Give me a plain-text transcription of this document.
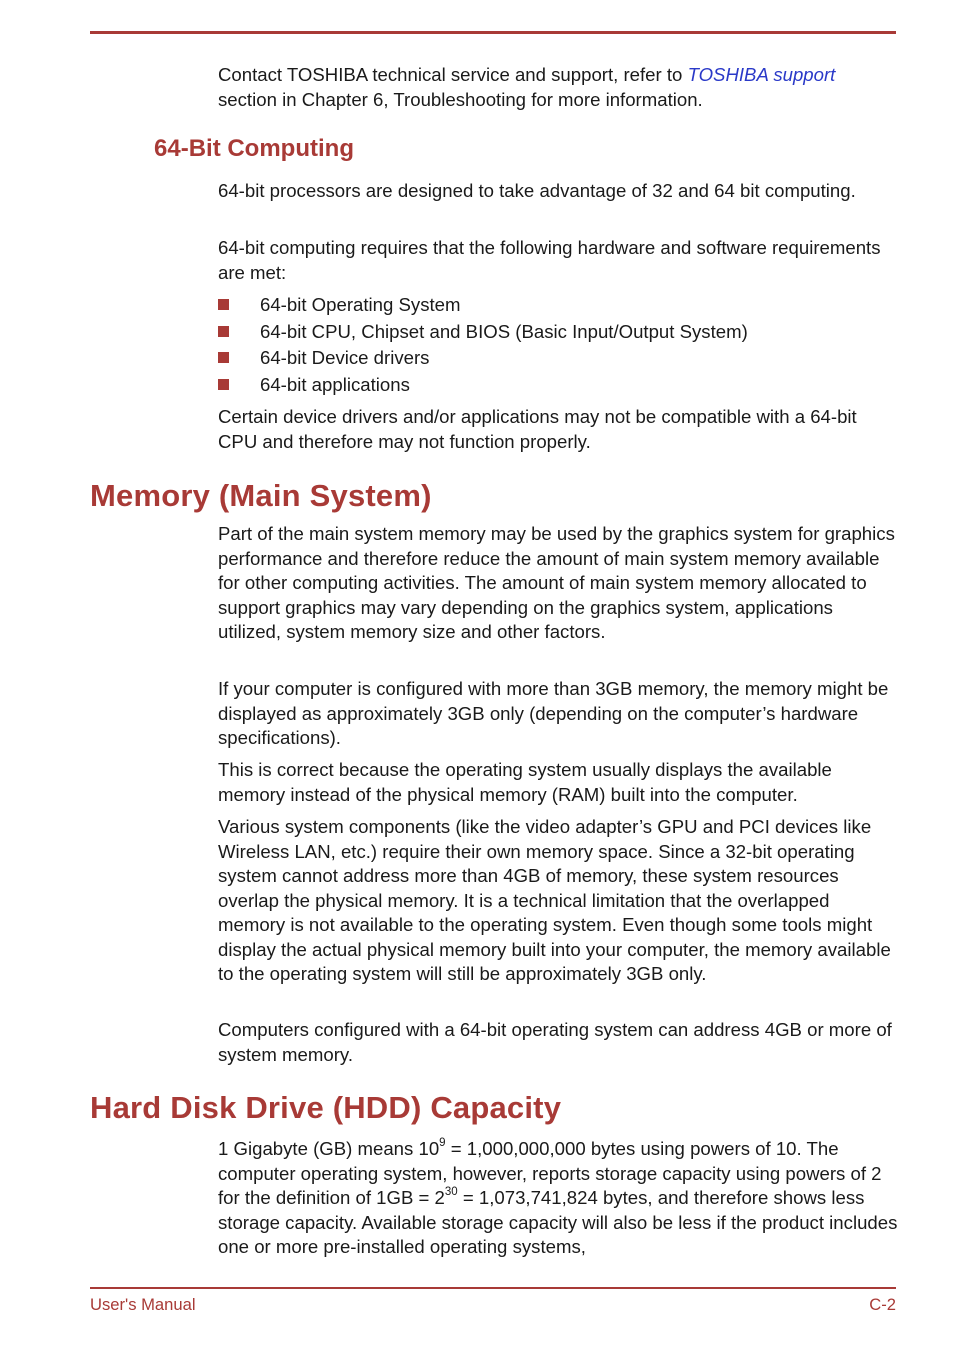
Contact TOSHIBA technical service and support, refer to TOSHIBA support section in Chapter 6, Troubleshooting for more information.

64-Bit Computing

64-bit processors are designed to take advantage of 32 and 64 bit computing.

64-bit computing requires that the following hardware and software requirements are met:

64-bit Operating System
64-bit CPU, Chipset and BIOS (Basic Input/Output System)
64-bit Device drivers
64-bit applications

Certain device drivers and/or applications may not be compatible with a 64-bit CPU and therefore may not function properly.

Memory (Main System)

Part of the main system memory may be used by the graphics system for graphics performance and therefore reduce the amount of main system memory available for other computing activities. The amount of main system memory allocated to support graphics may vary depending on the graphics system, applications utilized, system memory size and other factors.

If your computer is configured with more than 3GB memory, the memory might be displayed as approximately 3GB only (depending on the computer’s hardware specifications).

This is correct because the operating system usually displays the available memory instead of the physical memory (RAM) built into the computer.

Various system components (like the video adapter’s GPU and PCI devices like Wireless LAN, etc.) require their own memory space. Since a 32-bit operating system cannot address more than 4GB of memory, these system resources overlap the physical memory. It is a technical limitation that the overlapped memory is not available to the operating system. Even though some tools might display the actual physical memory built into your computer, the memory available to the operating system will still be approximately 3GB only.

Computers configured with a 64-bit operating system can address 4GB or more of system memory.

Hard Disk Drive (HDD) Capacity

1 Gigabyte (GB) means $10^9 = 1,000,000,000$ bytes using powers of 10. The computer operating system, however, reports storage capacity using powers of 2 for the definition of $1GB = 2^{30} = 1,073,741,824$ bytes, and therefore shows less storage capacity. Available storage capacity will also be less if the product includes one or more pre-installed operating systems,

User's Manual	C-2
